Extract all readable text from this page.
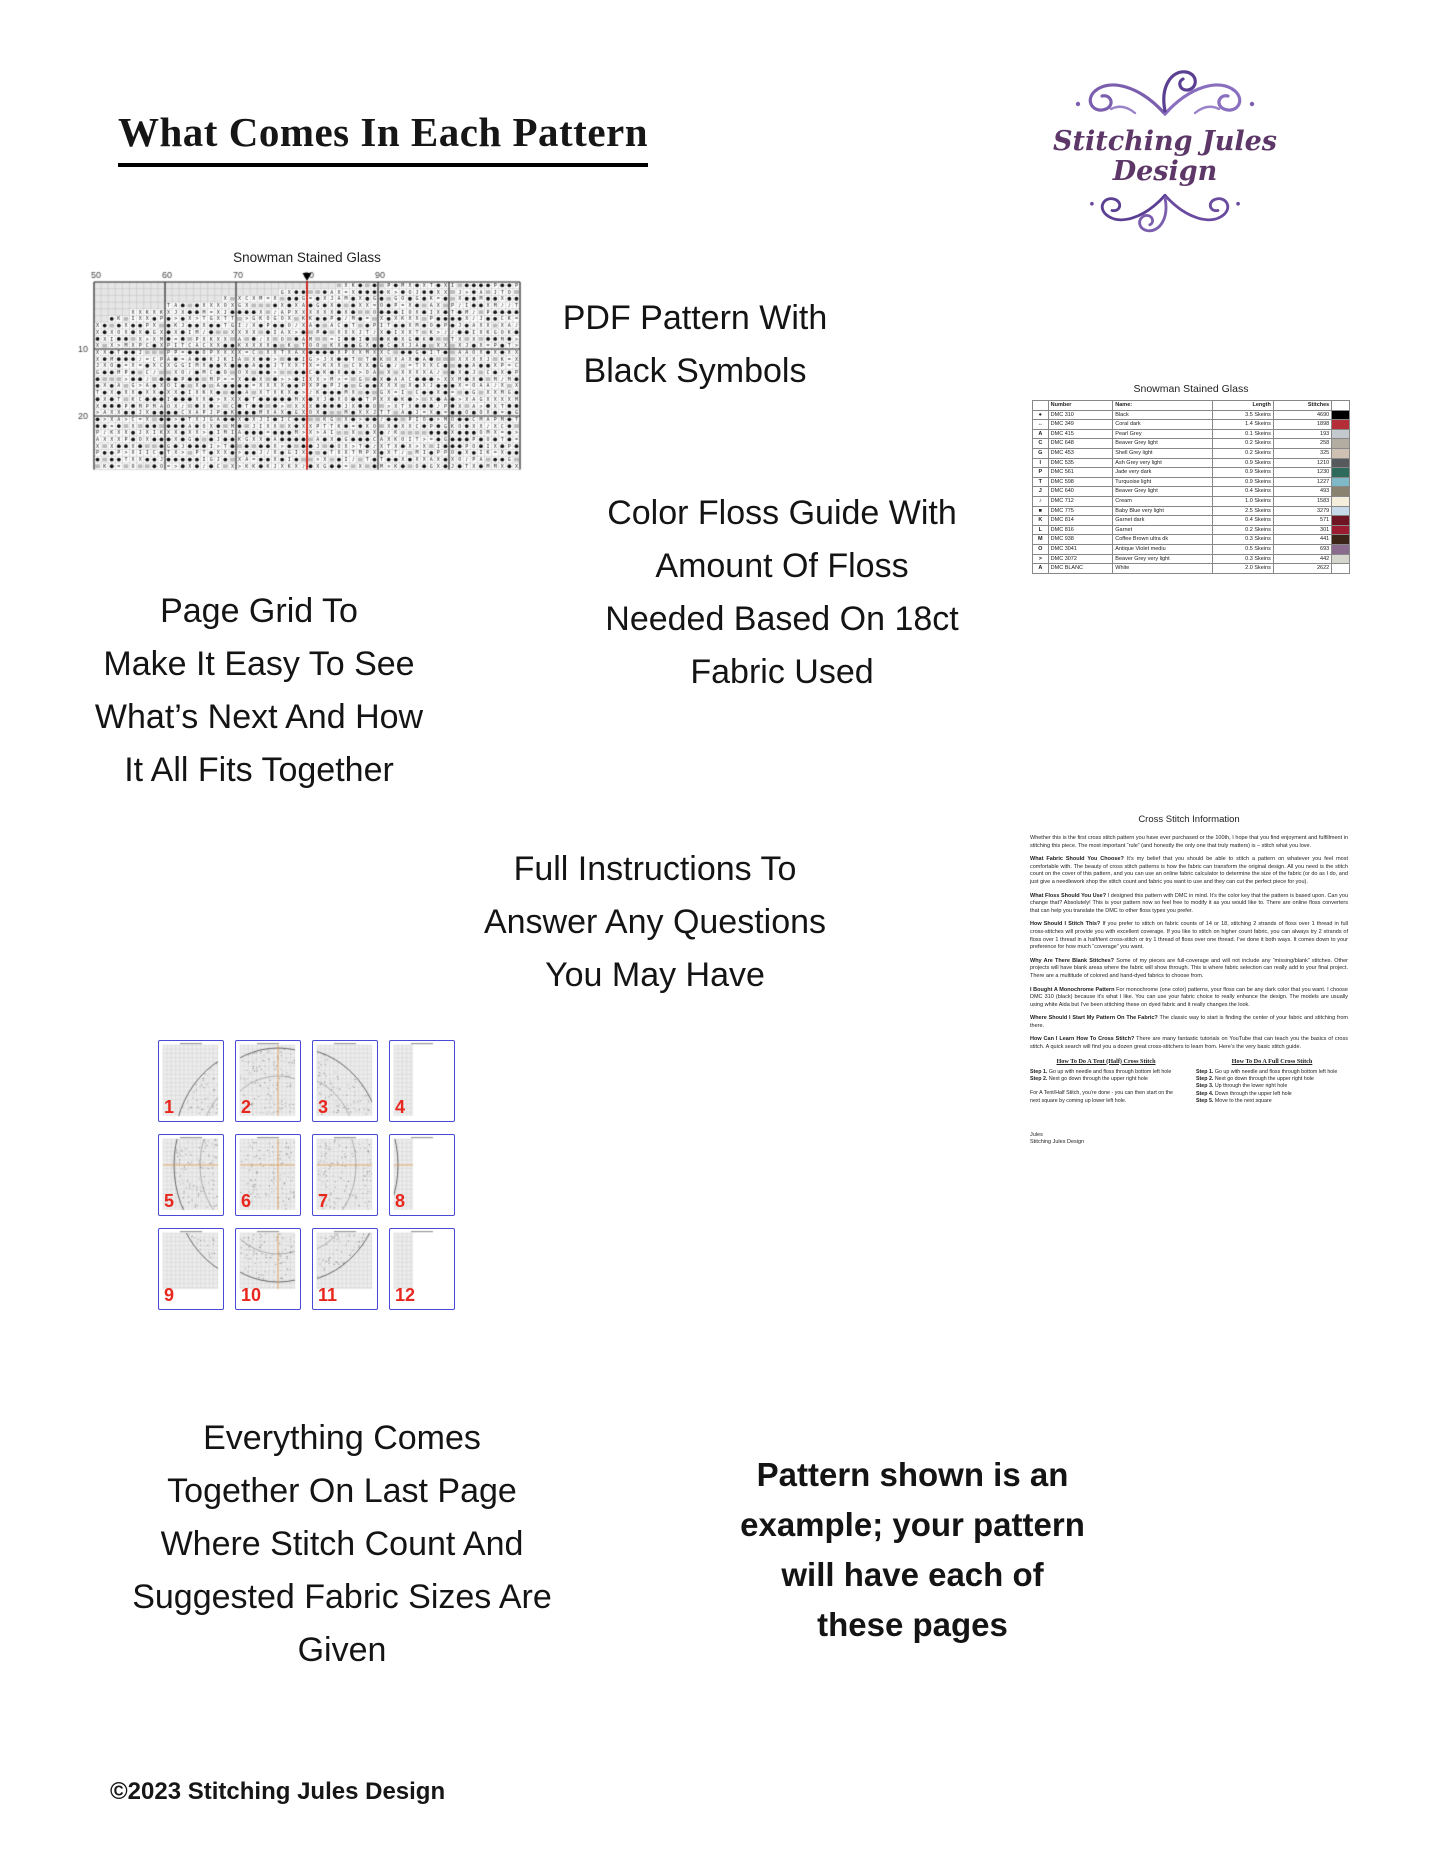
What Comes In Each Pattern	Stitching Jules Design
Snowman Stained Glass
PDF Pattern With
Black Symbols
Color Floss Guide With
Amount Of Floss
Needed Based On 18ct
Fabric Used
Page Grid To
Make It Easy To See
What’s Next And How
It All Fits Together
Full Instructions To
Answer Any Questions
You May Have
Everything Comes
Together On Last Page
Where Stitch Count And
Suggested Fabric Sizes Are
Given
Pattern shown is an
example; your pattern
will have each of
these pages
Snowman Stained Glass
	Number	Name:	Length	Stitches	
●	DMC 310	Black	3.5 Skeins	4690	
↔	DMC 349	Coral dark	1.4 Skeins	1898	
A	DMC 415	Pearl Grey	0.1 Skeins	193	
C	DMC 648	Beaver Grey light	0.2 Skeins	258	
G	DMC 453	Shell Grey light	0.2 Skeins	325	
I	DMC 535	Ash Grey very light	0.9 Skeins	1210	
P	DMC 561	Jade very dark	0.9 Skeins	1230	
T	DMC 598	Turquoise light	0.9 Skeins	1227	
J	DMC 640	Beaver Grey light	0.4 Skeins	493	
♪	DMC 712	Cream	1.0 Skeins	1583	
■	DMC 775	Baby Blue very light	2.5 Skeins	3279	
K	DMC 814	Garnet dark	0.4 Skeins	571	
L	DMC 816	Garnet	0.2 Skeins	301	
M	DMC 938	Coffee Brown ultra dk	0.3 Skeins	441	
O	DMC 3041	Antique Violet mediu	0.5 Skeins	693	
>	DMC 3072	Beaver Grey very light	0.3 Skeins	442	
A	DMC BLANC	White	2.0 Skeins	2622	
1	2	3	4
5	6	7	8
9	10	11	12
Cross Stitch Information

Whether this is the first cross stitch pattern you have ever purchased or the 100th, I hope that you find enjoyment and fulfillment in stitching this piece. The most important “rule” (and honestly the only one that truly matters) is – stitch what you love.

What Fabric Should You Choose? It’s my belief that you should be able to stitch a pattern on whatever you feel most comfortable with. The beauty of cross stitch patterns is how the fabric can transform the original design. All you need is the stitch count on the cover of this pattern, and you can use an online fabric calculator to determine the size of the fabric (or do as I do, and just give a needlework shop the stitch count and fabric you want to use and they can cut the perfect piece for you).

What Floss Should You Use? I designed this pattern with DMC in mind. It’s the color key that the pattern is based upon. Can you change that? Absolutely! This is your pattern now so feel free to modify it as you would like to. There are online floss converters that can help you translate the DMC to other floss types you prefer.

How Should I Stitch This? If you prefer to stitch on fabric counts of 14 or 18, stitching 2 strands of floss over 1 thread in full cross-stitches will provide you with excellent coverage. If you like to stitch on higher count fabric, you can always try 2 strands of floss over 1 thread in a half/tent cross-stitch or try 1 thread of floss over one thread. I’ve done it both ways. It comes down to your preference for how much “coverage” you want.

Why Are There Blank Stitches? Some of my pieces are full-coverage and will not include any “missing/blank” stitches. Other projects will have blank areas where the fabric will show through. This is where fabric selection can really add to your final project. There are a multitude of colored and hand-dyed fabrics to choose from.

I Bought A Monochrome Pattern For monochrome (one color) patterns, your floss can be any dark color that you want. I choose DMC 310 (black) because it’s what I like. You can use your fabric choice to really enhance the design. The models are usually using white Aida but I’ve been stitching these on dyed fabric and it really changes the look.

Where Should I Start My Pattern On The Fabric? The classic way to start is finding the center of your fabric and stitching from there.

How Can I Learn How To Cross Stitch? There are many fantastic tutorials on YouTube that can teach you the basics of cross stitch. A quick search will find you a dozen great cross-stitchers to learn from. Here’s the very basic stitch guide.

How To Do A Tent (Half) Cross Stitch
Step 1. Go up with needle and floss through bottom left hole
Step 2. Next go down through the upper right hole
For A Tent/Half Stitch, you’re done - you can then start on the next square by coming up lower left hole.
How To Do A Full Cross Stitch
Step 1. Go up with needle and floss through bottom left hole
Step 2. Next go down through the upper right hole
Step 3. Up through the lower right hole
Step 4. Down through the upper left hole
Step 5. Move to the next square
Jules
Stitching Jules Design
©2023 Stitching Jules Design
